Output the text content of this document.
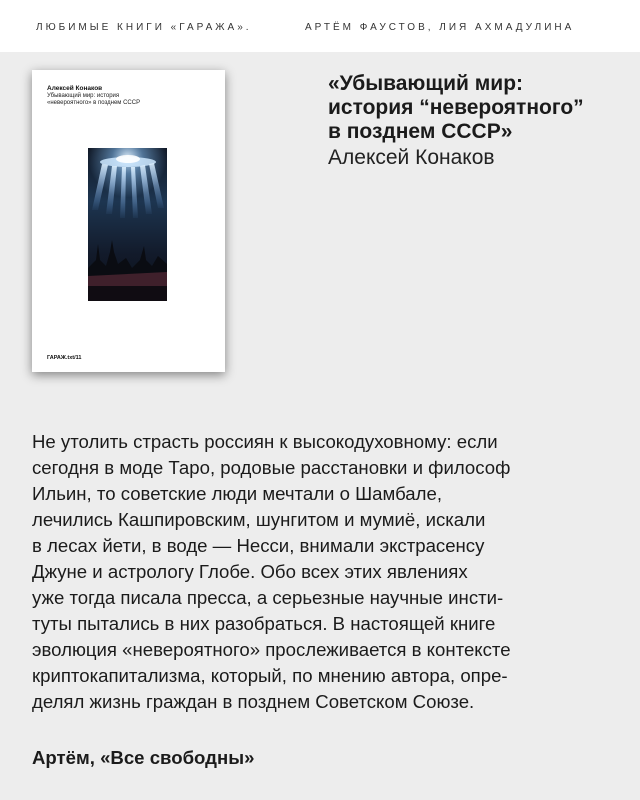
ЛЮБИМЫЕ КНИГИ «ГАРАЖА».	АРТЁМ ФАУСТОВ, ЛИЯ АХМАДУЛИНА
Алексей Конаков
Убывающий мир: история
«невероятного» в позднем СССР
ГАРАЖ.txt/11
«Убывающий мир:
история “невероятного”
в позднем СССР»
Алексей Конаков
Не утолить страсть россиян к высокодуховному: если
сегодня в моде Таро, родовые расстановки и философ
Ильин, то советские люди мечтали о Шамбале,
лечились Кашпировским, шунгитом и мумиё, искали
в лесах йети, в воде — Несси, внимали экстрасенсу
Джуне и астрологу Глобе. Обо всех этих явлениях
уже тогда писала пресса, а серьезные научные инсти-
туты пытались в них разобраться. В настоящей книге
эволюция «невероятного» прослеживается в контексте
криптокапитализма, который, по мнению автора, опре-
делял жизнь граждан в позднем Советском Союзе.
Артём, «Все свободны»
